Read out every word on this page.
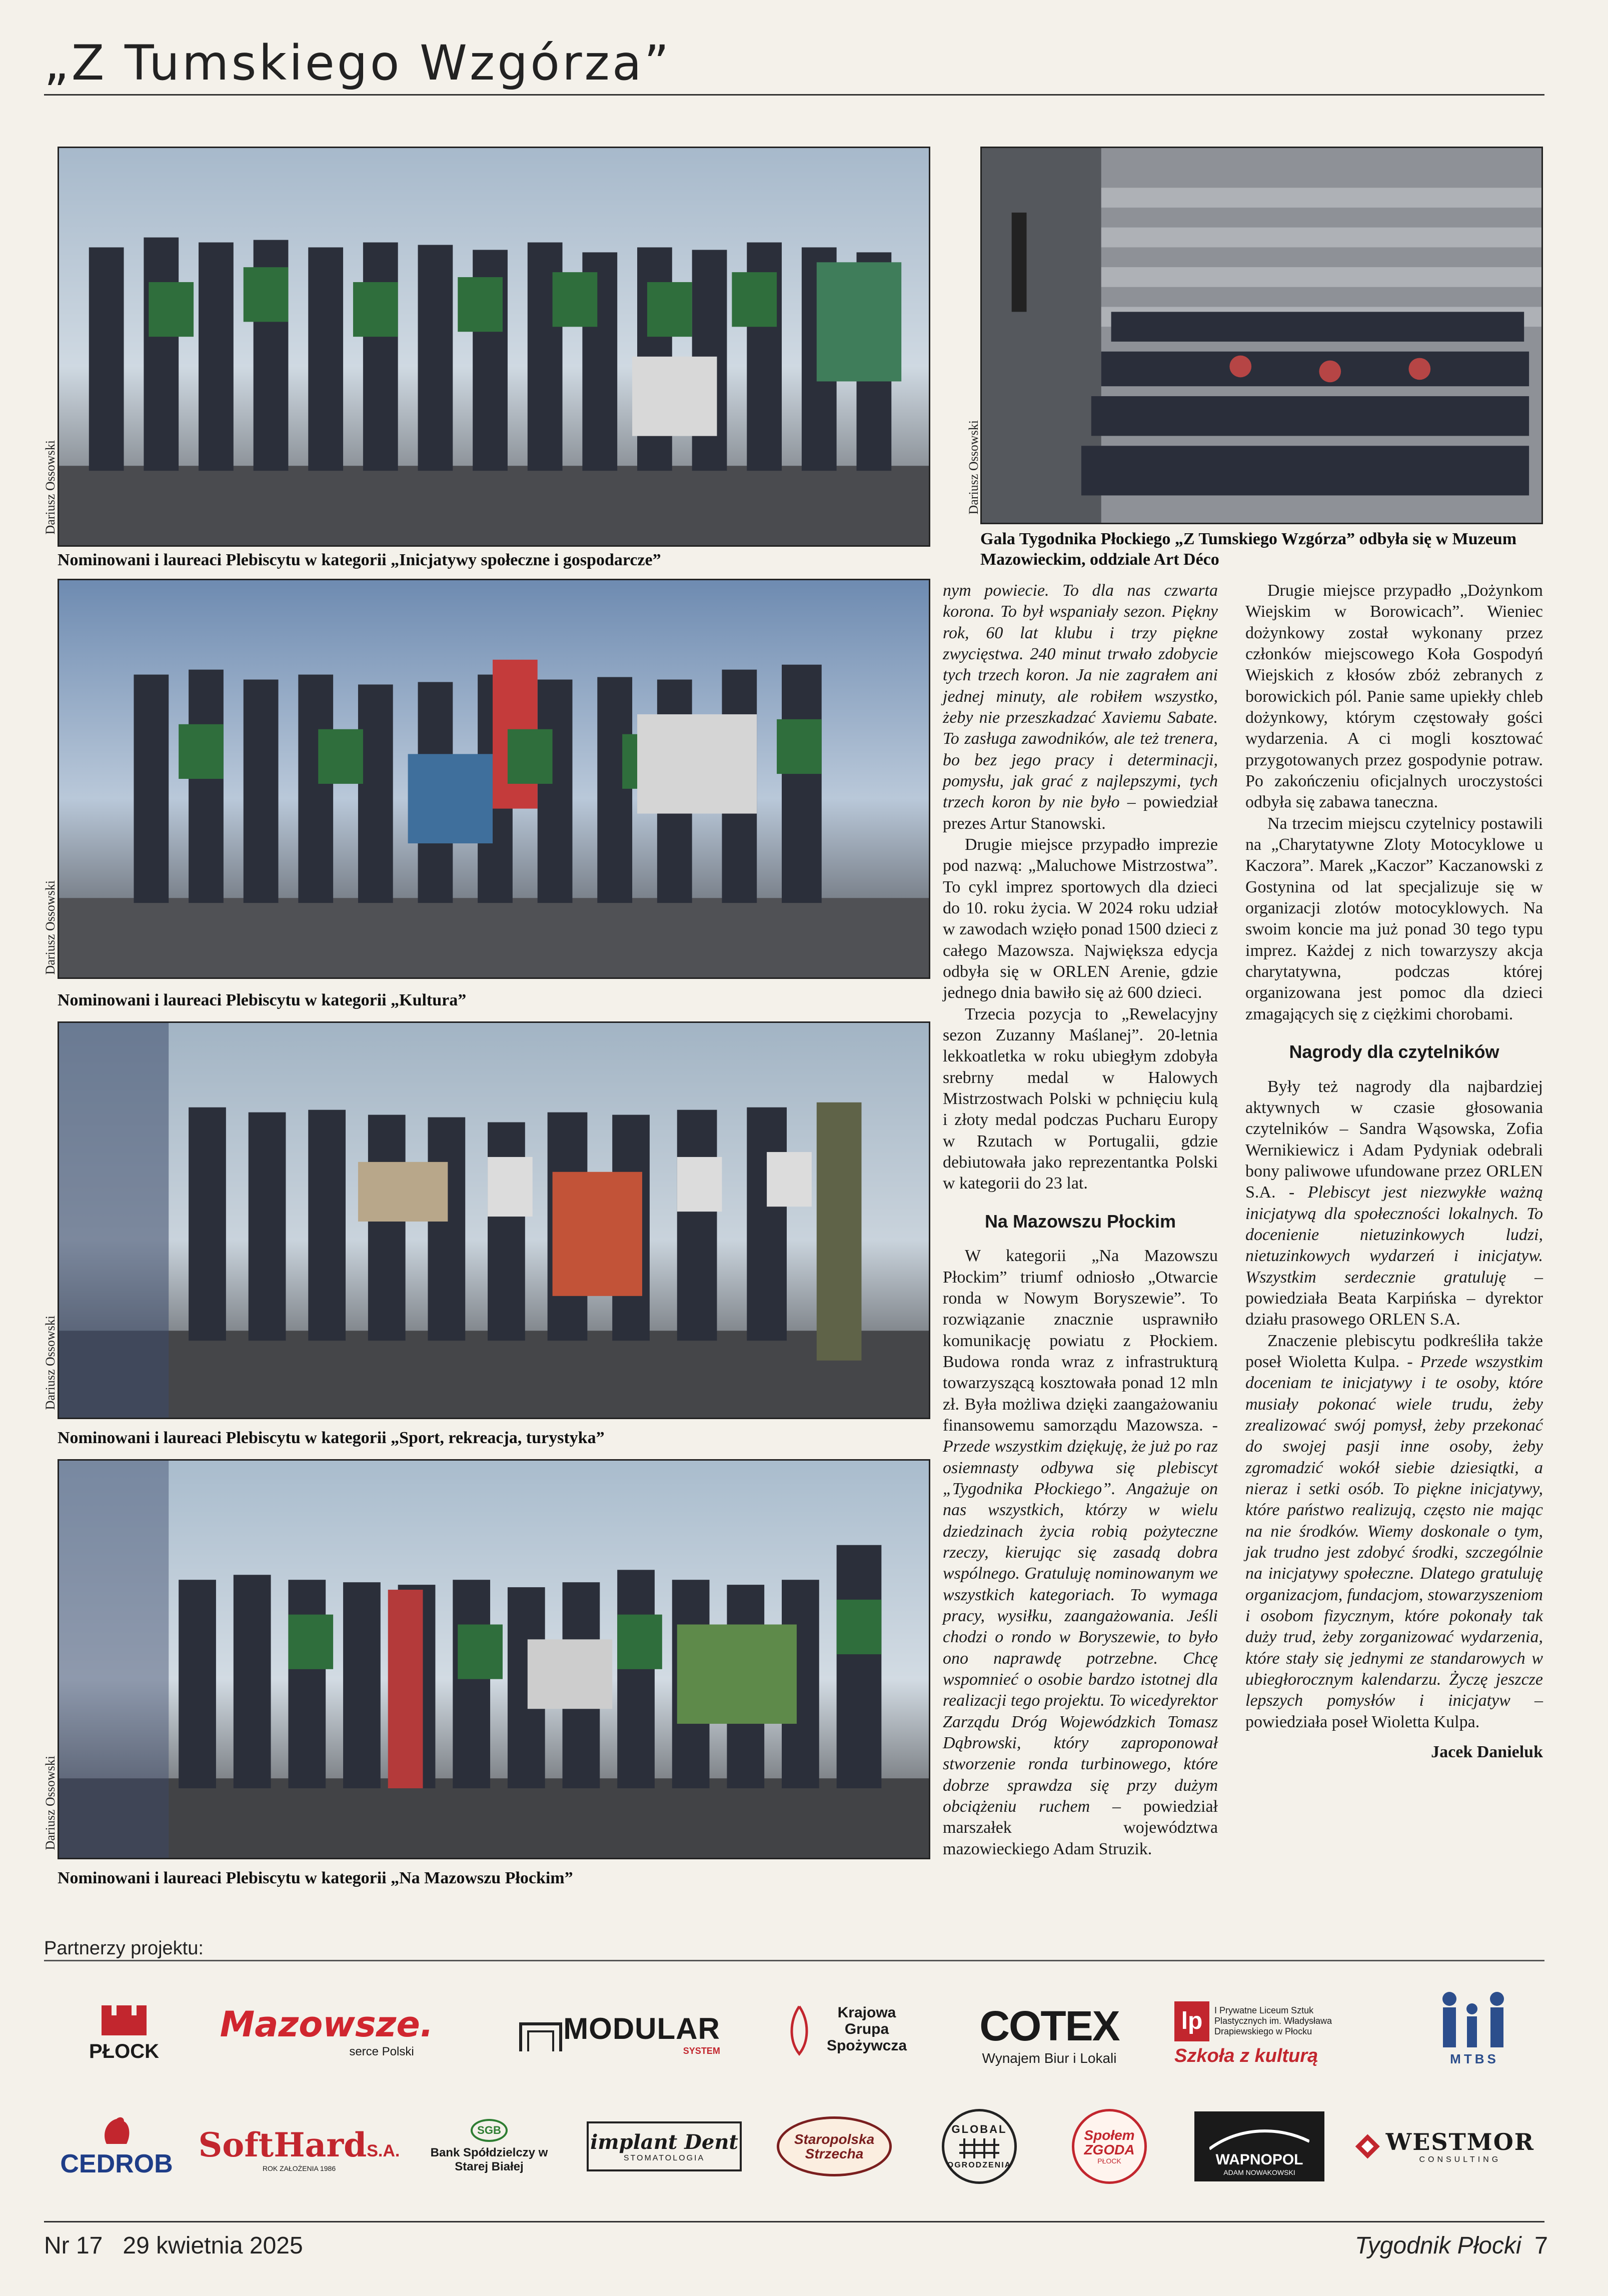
„Z Tumskiego Wzgórza”
Dariusz Ossowski
Nominowani i laureaci Plebiscytu w kategorii „Inicjatywy społeczne i gospodarcze”
Dariusz Ossowski
Gala Tygodnika Płockiego „Z Tumskiego Wzgórza” odbyła się w Muzeum Mazowieckim, oddziale Art Déco
Dariusz Ossowski
Nominowani i laureaci Plebiscytu w kategorii „Kultura”
Dariusz Ossowski
Nominowani i laureaci Plebiscytu w kategorii „Sport, rekreacja, turystyka”
Dariusz Ossowski
Nominowani i laureaci Plebiscytu w kategorii „Na Mazowszu Płockim”

nym powiecie. To dla nas czwarta korona. To był wspaniały sezon. Piękny rok, 60 lat klubu i trzy piękne zwycięstwa. 240 minut trwało zdobycie tych trzech koron. Ja nie zagrałem ani jednej minuty, ale robiłem wszystko, żeby nie przeszkadzać Xaviemu Sabate. To zasługa zawodników, ale też trenera, bo bez jego pracy i determinacji, pomysłu, jak grać z najlepszymi, tych trzech koron by nie było – powiedział prezes Artur Stanowski.

Drugie miejsce przypadło imprezie pod nazwą: „Maluchowe Mistrzostwa”. To cykl imprez sportowych dla dzieci do 10. roku życia. W 2024 roku udział w zawodach wzięło ponad 1500 dzieci z całego Mazowsza. Największa edycja odbyła się w ORLEN Arenie, gdzie jednego dnia bawiło się aż 600 dzieci.

Trzecia pozycja to „Rewelacyjny sezon Zuzanny Maślanej”. 20-letnia lekkoatletka w roku ubiegłym zdobyła srebrny medal w Halowych Mistrzostwach Polski w pchnięciu kulą i złoty medal podczas Pucharu Europy w Rzutach w Portugalii, gdzie debiutowała jako reprezentantka Polski w kategorii do 23 lat.

Na Mazowszu Płockim

W kategorii „Na Mazowszu Płockim” triumf odniosło „Otwarcie ronda w Nowym Boryszewie”. To rozwiązanie znacznie usprawniło komunikację powiatu z Płockiem. Budowa ronda wraz z infrastrukturą towarzyszącą kosztowała ponad 12 mln zł. Była możliwa dzięki zaangażowaniu finansowemu samorządu Mazowsza. - Przede wszystkim dziękuję, że już po raz osiemnasty odbywa się plebiscyt „Tygodnika Płockiego”. Angażuje on nas wszystkich, którzy w wielu dziedzinach życia robią pożyteczne rzeczy, kierując się zasadą dobra wspólnego. Gratuluję nominowanym we wszystkich kategoriach. To wymaga pracy, wysiłku, zaangażowania. Jeśli chodzi o rondo w Boryszewie, to było ono naprawdę potrzebne. Chcę wspomnieć o osobie bardzo istotnej dla realizacji tego projektu. To wicedyrektor Zarządu Dróg Wojewódzkich Tomasz Dąbrowski, który zaproponował stworzenie ronda turbinowego, które dobrze sprawdza się przy dużym obciążeniu ruchem – powiedział marszałek województwa mazowieckiego Adam Struzik.

Drugie miejsce przypadło „Dożynkom Wiejskim w Borowicach”. Wieniec dożynkowy został wykonany przez członków miejscowego Koła Gospodyń Wiejskich z kłosów zbóż zebranych z borowickich pól. Panie same upiekły chleb dożynkowy, którym częstowały gości wydarzenia. A ci mogli kosztować przygotowanych przez gospodynie potraw. Po zakończeniu oficjalnych uroczystości odbyła się zabawa taneczna.

Na trzecim miejscu czytelnicy postawili na „Charytatywne Zloty Motocyklowe u Kaczora”. Marek „Kaczor” Kaczanowski z Gostynina od lat specjalizuje się w organizacji zlotów motocyklowych. Na swoim koncie ma już ponad 30 tego typu imprez. Każdej z nich towarzyszy akcja charytatywna, podczas której organizowana jest pomoc dla dzieci zmagających się z ciężkimi chorobami.

Nagrody dla czytelników

Były też nagrody dla najbardziej aktywnych w czasie głosowania czytelników – Sandra Wąsowska, Zofia Wernikiewicz i Adam Pydyniak odebrali bony paliwowe ufundowane przez ORLEN S.A. - Plebiscyt jest niezwykłe ważną inicjatywą dla społeczności lokalnych. To docenienie nietuzinkowych ludzi, nietuzinkowych wydarzeń i inicjatyw. Wszystkim serdecznie gratuluję – powiedziała Beata Karpińska – dyrektor działu prasowego ORLEN S.A.

Znaczenie plebiscytu podkreśliła także poseł Wioletta Kulpa. - Przede wszystkim doceniam te inicjatywy i te osoby, które musiały pokonać wiele trudu, żeby zrealizować swój pomysł, żeby przekonać do swojej pasji inne osoby, żeby zgromadzić wokół siebie dziesiątki, a nieraz i setki osób. To piękne inicjatywy, które państwo realizują, często nie mając na nie środków. Wiemy doskonale o tym, jak trudno jest zdobyć środki, szczególnie na inicjatywy społeczne. Dlatego gratuluję organizacjom, fundacjom, stowarzyszeniom i osobom fizycznym, które pokonały tak duży trud, żeby zorganizować wydarzenia, które stały się jednymi ze standarowych w ubiegłorocznym kalendarzu. Życzę jeszcze lepszych pomysłów i inicjatyw – powiedziała poseł Wioletta Kulpa.

Jacek Danieluk

Partnerzy projektu:
PŁOCK
Mazowsze.
serce Polski
MODULAR
SYSTEM
Krajowa Grupa Spożywcza COTEX
Wynajem Biur i Lokali
lp	I Prywatne Liceum Sztuk Plastycznych im. Władysława Drapiewskiego w Płocku
Szkoła z kulturą	MTBS
CEDROB SoftHard S.A.
ROK ZAŁOŻENIA 1986
SGB
Bank Spółdzielczy w Starej Białej
implant Dent
STOMATOLOGIA
Staropolska Strzecha
GLOBAL
OGRODZENIA
Społem ZGODA
PŁOCK	WAPNOPOL
ADAM NOWAKOWSKI
WESTMOR
CONSULTING
Nr 17 29 kwietnia 2025	Tygodnik Płocki 7
